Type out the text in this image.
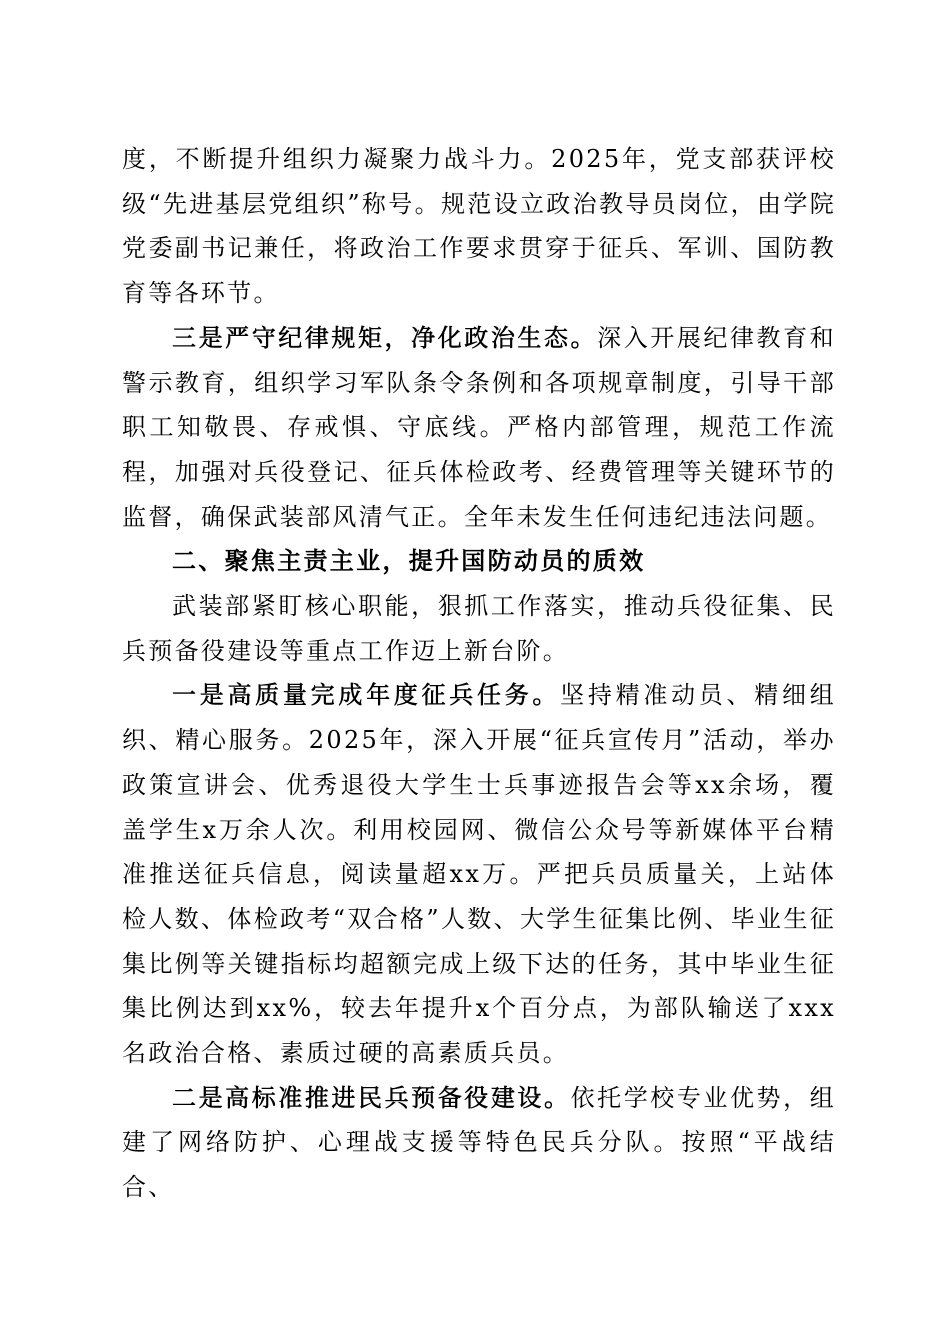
度，不断提升组织力凝聚力战斗力。2025年，党支部获评校级“先进基层党组织”称号。规范设立政治教导员岗位，由学院党委副书记兼任，将政治工作要求贯穿于征兵、军训、国防教育等各环节。

三是严守纪律规矩，净化政治生态。深入开展纪律教育和警示教育，组织学习军队条令条例和各项规章制度，引导干部职工知敬畏、存戒惧、守底线。严格内部管理，规范工作流程，加强对兵役登记、征兵体检政考、经费管理等关键环节的监督，确保武装部风清气正。全年未发生任何违纪违法问题。

二、聚焦主责主业，提升国防动员的质效

武装部紧盯核心职能，狠抓工作落实，推动兵役征集、民兵预备役建设等重点工作迈上新台阶。

一是高质量完成年度征兵任务。坚持精准动员、精细组织、精心服务。2025年，深入开展“征兵宣传月”活动，举办政策宣讲会、优秀退役大学生士兵事迹报告会等xx余场，覆盖学生x万余人次。利用校园网、微信公众号等新媒体平台精准推送征兵信息，阅读量超xx万。严把兵员质量关，上站体检人数、体检政考“双合格”人数、大学生征集比例、毕业生征集比例等关键指标均超额完成上级下达的任务，其中毕业生征集比例达到xx%，较去年提升x个百分点，为部队输送了xxx名政治合格、素质过硬的高素质兵员。

二是高标准推进民兵预备役建设。依托学校专业优势，组建了网络防护、心理战支援等特色民兵分队。按照“平战结合、
